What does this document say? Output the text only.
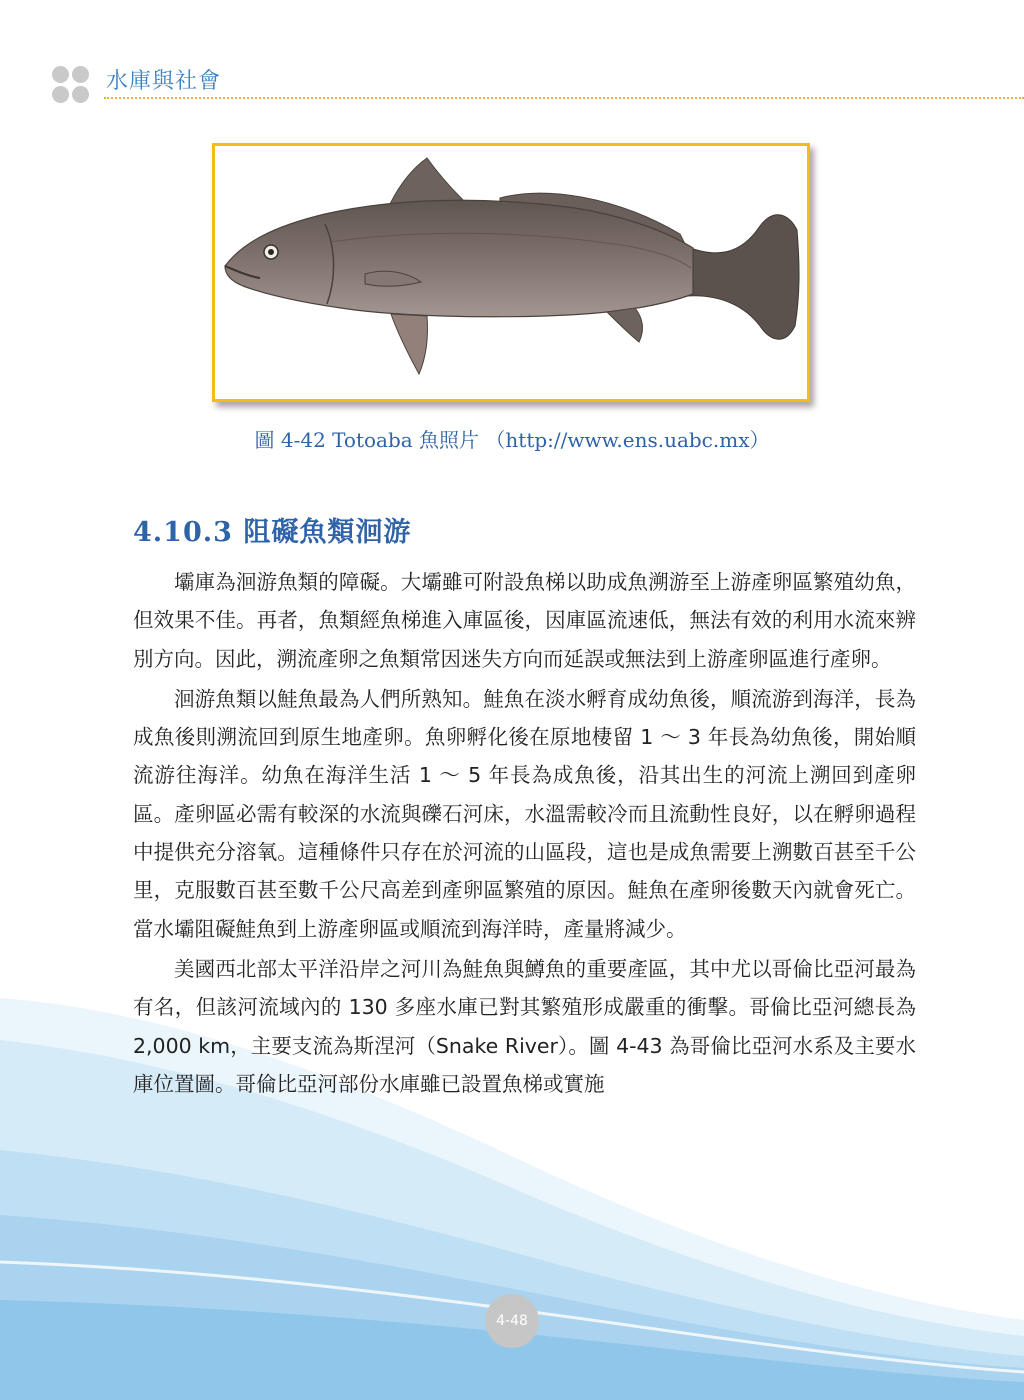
水庫與社會
圖 4-42 Totoaba 魚照片 （http://www.ens.uabc.mx）
4.10.3 阻礙魚類洄游

壩庫為洄游魚類的障礙。大壩雖可附設魚梯以助成魚溯游至上游產卵區繁殖幼魚，但效果不佳。再者，魚類經魚梯進入庫區後，因庫區流速低，無法有效的利用水流來辨別方向。因此，溯流產卵之魚類常因迷失方向而延誤或無法到上游產卵區進行產卵。

洄游魚類以鮭魚最為人們所熟知。鮭魚在淡水孵育成幼魚後，順流游到海洋，長為成魚後則溯流回到原生地產卵。魚卵孵化後在原地棲留 1 ～ 3 年長為幼魚後，開始順流游往海洋。幼魚在海洋生活 1 ～ 5 年長為成魚後，沿其出生的河流上溯回到產卵區。產卵區必需有較深的水流與礫石河床，水溫需較冷而且流動性良好，以在孵卵過程中提供充分溶氧。這種條件只存在於河流的山區段，這也是成魚需要上溯數百甚至千公里，克服數百甚至數千公尺高差到產卵區繁殖的原因。鮭魚在產卵後數天內就會死亡。當水壩阻礙鮭魚到上游產卵區或順流到海洋時，產量將減少。

美國西北部太平洋沿岸之河川為鮭魚與鱒魚的重要產區，其中尤以哥倫比亞河最為有名，但該河流域內的 130 多座水庫已對其繁殖形成嚴重的衝擊。哥倫比亞河總長為 2,000 km，主要支流為斯涅河（Snake River）。圖 4-43 為哥倫比亞河水系及主要水庫位置圖。哥倫比亞河部份水庫雖已設置魚梯或實施

4-48
